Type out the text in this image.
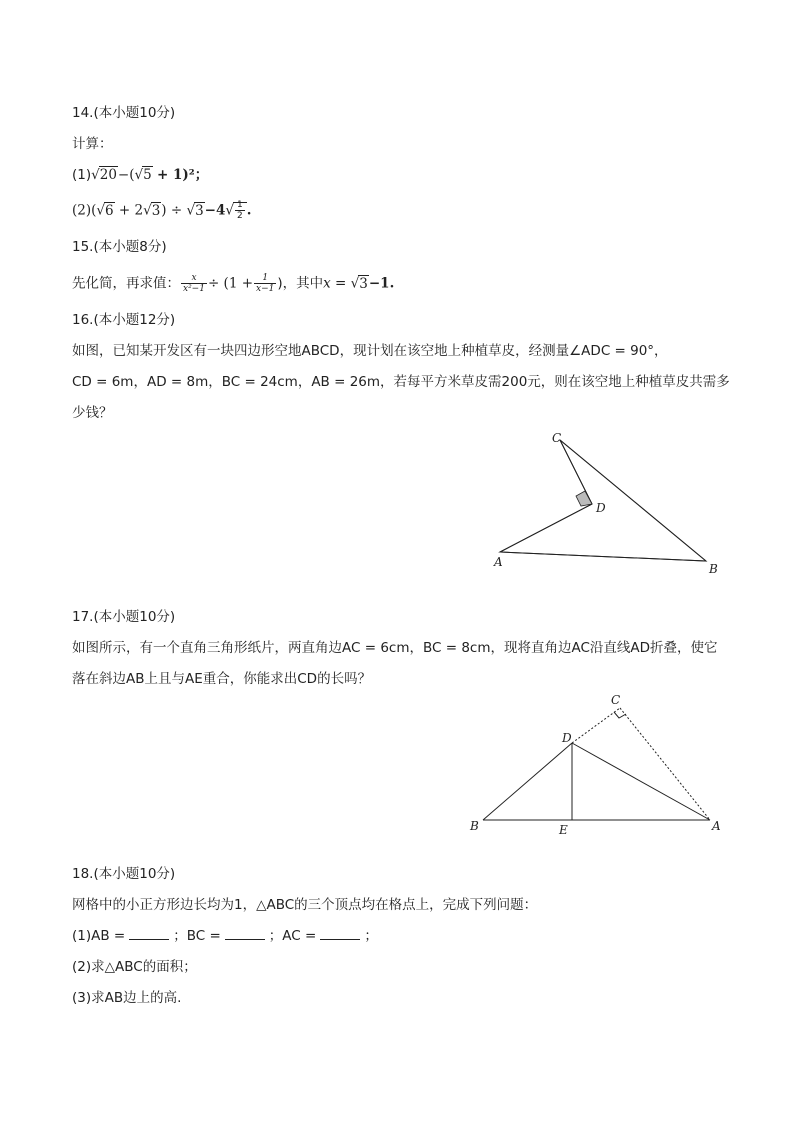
14.(本小题10分)
计算：
(1)√20−(√5 + 1)²；
$(2)(√6 + 2√3) \div √3-4√ \frac{1}{2}$ .
15.(本小题8分)
先化简，再求值： $\frac{x}{\text{x²−1}} \div (1 + \frac{1}{x-1}$ )，其中x = √3−1.
16.(本小题12分)
如图，已知某开发区有一块四边形空地ABCD，现计划在该空地上种植草皮，经测量∠ADC = 90°，
CD = 6m，AD = 8m，BC = 24cm，AB = 26m，若每平方米草皮需200元，则在该空地上种植草皮共需多
少钱？
C
D
A	B
17.(本小题10分)
如图所示，有一个直角三角形纸片，两直角边AC = 6cm，BC = 8cm，现将直角边AC沿直线AD折叠，使它
落在斜边AB上且与AE重合，你能求出CD的长吗？
C
D
B	E	A
18.(本小题10分)
网格中的小正方形边长均为1，△ABC的三个顶点均在格点上，完成下列问题：
(1)AB =	；BC =	；AC =	；
(2)求△ABC的面积；
(3)求AB边上的高.
